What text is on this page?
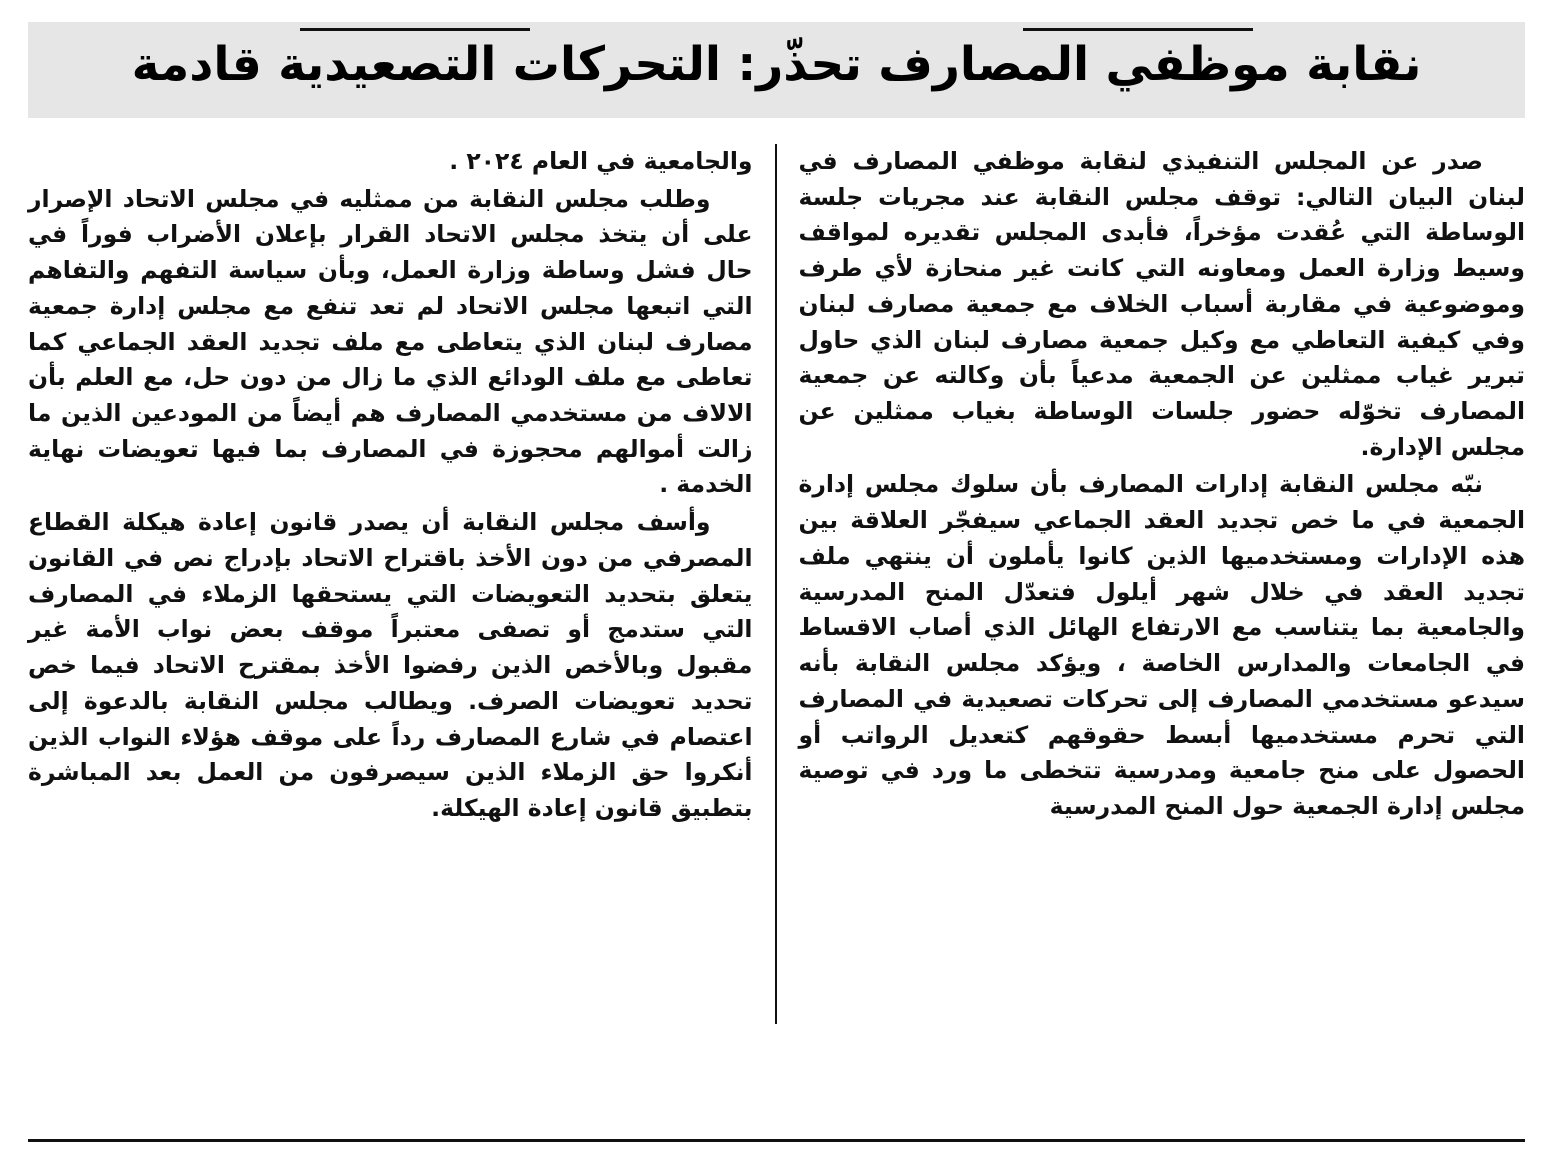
نقابة موظفي المصارف تحذّر: التحركات التصعيدية قادمة

صدر عن المجلس التنفيذي لنقابة موظفي المصارف في لبنان البيان التالي: توقف مجلس النقابة عند مجريات جلسة الوساطة التي عُقدت مؤخراً، فأبدى المجلس تقديره لمواقف وسيط وزارة العمل ومعاونه التي كانت غير منحازة لأي طرف وموضوعية في مقاربة أسباب الخلاف مع جمعية مصارف لبنان وفي كيفية التعاطي مع وكيل جمعية مصارف لبنان الذي حاول تبرير غياب ممثلين عن الجمعية مدعياً بأن وكالته عن جمعية المصارف تخوّله حضور جلسات الوساطة بغياب ممثلين عن مجلس الإدارة.

نبّه مجلس النقابة إدارات المصارف بأن سلوك مجلس إدارة الجمعية في ما خص تجديد العقد الجماعي سيفجّر العلاقة بين هذه الإدارات ومستخدميها الذين كانوا يأملون أن ينتهي ملف تجديد العقد في خلال شهر أيلول فتعدّل المنح المدرسية والجامعية بما يتناسب مع الارتفاع الهائل الذي أصاب الاقساط في الجامعات والمدارس الخاصة ، ويؤكد مجلس النقابة بأنه سيدعو مستخدمي المصارف إلى تحركات تصعيدية في المصارف التي تحرم مستخدميها أبسط حقوقهم كتعديل الرواتب أو الحصول على منح جامعية ومدرسية تتخطى ما ورد في توصية مجلس إدارة الجمعية حول المنح المدرسية

والجامعية في العام ٢٠٢٤ .

وطلب مجلس النقابة من ممثليه في مجلس الاتحاد الإصرار على أن يتخذ مجلس الاتحاد القرار بإعلان الأضراب فوراً في حال فشل وساطة وزارة العمل، وبأن سياسة التفهم والتفاهم التي اتبعها مجلس الاتحاد لم تعد تنفع مع مجلس إدارة جمعية مصارف لبنان الذي يتعاطى مع ملف تجديد العقد الجماعي كما تعاطى مع ملف الودائع الذي ما زال من دون حل، مع العلم بأن الالاف من مستخدمي المصارف هم أيضاً من المودعين الذين ما زالت أموالهم محجوزة في المصارف بما فيها تعويضات نهاية الخدمة .

وأسف مجلس النقابة أن يصدر قانون إعادة هيكلة القطاع المصرفي من دون الأخذ باقتراح الاتحاد بإدراج نص في القانون يتعلق بتحديد التعويضات التي يستحقها الزملاء في المصارف التي ستدمج أو تصفى معتبراً موقف بعض نواب الأمة غير مقبول وبالأخص الذين رفضوا الأخذ بمقترح الاتحاد فيما خص تحديد تعويضات الصرف. ويطالب مجلس النقابة بالدعوة إلى اعتصام في شارع المصارف رداً على موقف هؤلاء النواب الذين أنكروا حق الزملاء الذين سيصرفون من العمل بعد المباشرة بتطبيق قانون إعادة الهيكلة.
